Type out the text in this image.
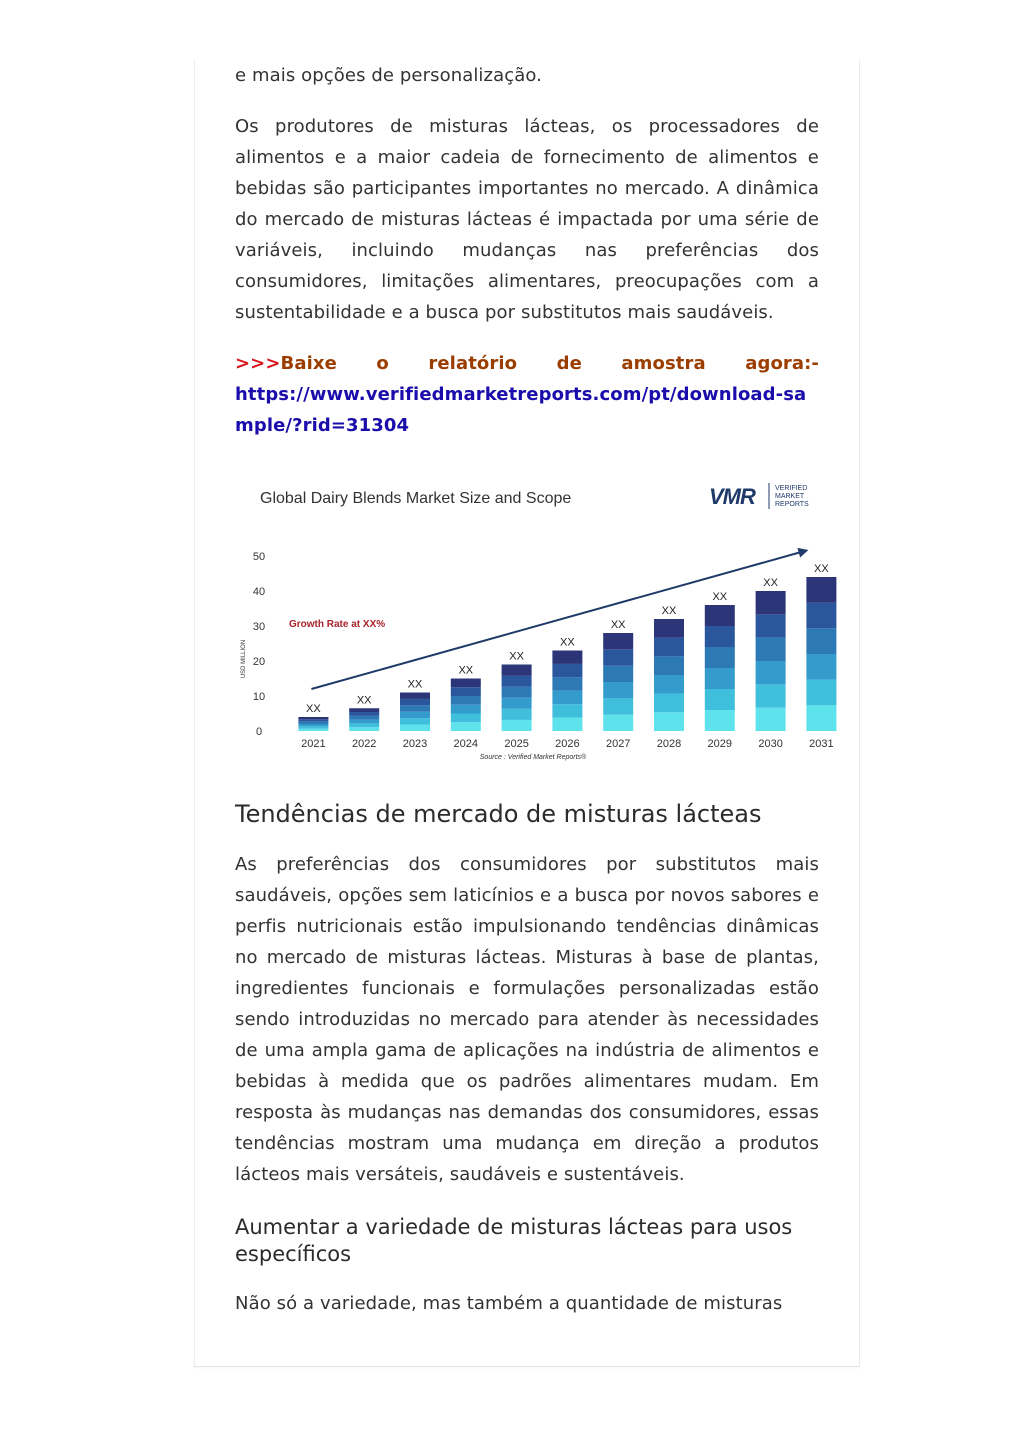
e mais opções de personalização.

Os produtores de misturas lácteas, os processadores de alimentos e a maior cadeia de fornecimento de alimentos e bebidas são participantes importantes no mercado. A dinâmica do mercado de misturas lácteas é impactada por uma série de variáveis, incluindo mudanças nas preferências dos consumidores, limitações alimentares, preocupações com a sustentabilidade e a busca por substitutos mais saudáveis.

>>>Baixe o relatório de amostra agora:-
https://www.verifiedmarketreports.com/pt/download-sample/?rid=31304

Global Dairy Blends Market Size and Scope	VMR	VERIFIED
MARKET
REPORTS
USD MILLION
Growth Rate at XX%
0
10
20
30
40
50
XX
XX
XX
XX
XX
XX
XX
XX
XX
XX
XX
2021 2022 2023 2024 2025 2026 2027 2028 2029 2030 2031
Source : Verified Market Reports®
Tendências de mercado de misturas lácteas

As preferências dos consumidores por substitutos mais saudáveis, opções sem laticínios e a busca por novos sabores e perfis nutricionais estão impulsionando tendências dinâmicas no mercado de misturas lácteas. Misturas à base de plantas, ingredientes funcionais e formulações personalizadas estão sendo introduzidas no mercado para atender às necessidades de uma ampla gama de aplicações na indústria de alimentos e bebidas à medida que os padrões alimentares mudam. Em resposta às mudanças nas demandas dos consumidores, essas tendências mostram uma mudança em direção a produtos lácteos mais versáteis, saudáveis e sustentáveis.

Aumentar a variedade de misturas lácteas para usos específicos

Não só a variedade, mas também a quantidade de misturas
